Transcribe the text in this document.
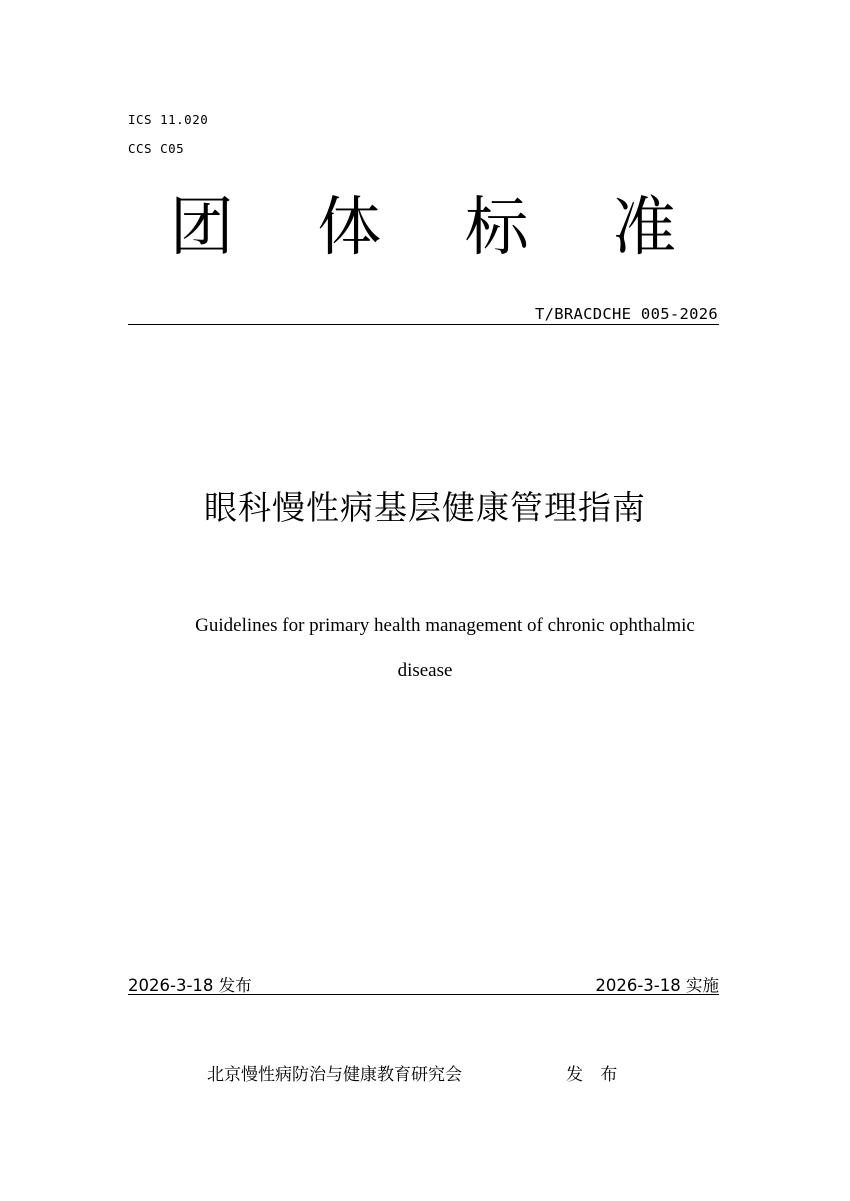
ICS 11.020
CCS C05
团 体 标 准
T/BRACDCHE 005-2026
眼科慢性病基层健康管理指南
Guidelines for primary health management of chronic ophthalmic
disease
2026-3-18 发布	2026-3-18 实施
北京慢性病防治与健康教育研究会	发 布
